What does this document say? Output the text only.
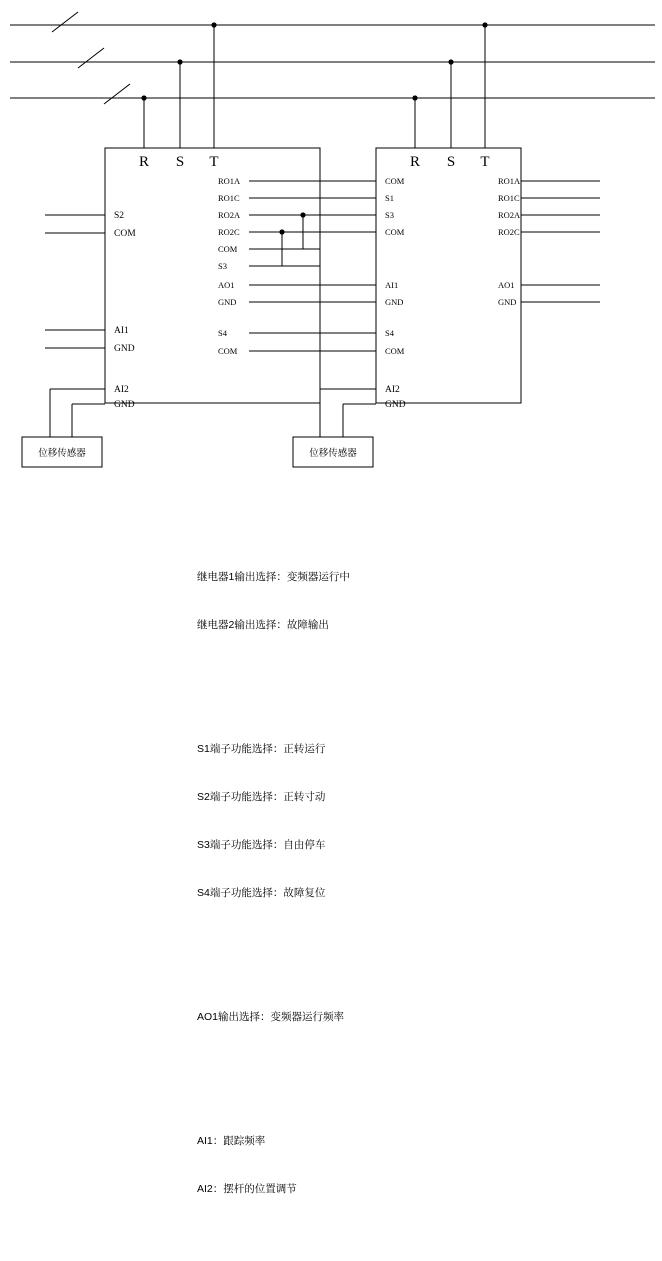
R S T
S2
COM
AI1
GND
AI2
GND
位移传感器
RO1A
RO1C
RO2A
RO2C
COM
S3
AO1
GND
S4
COM
R S T
COM
S1
S3
COM
AI1
GND
S4
COM
AI2
GND
位移传感器
RO1A
RO1C
RO2A
RO2C
AO1
GND

继电器1输出选择：变频器运行中

继电器2输出选择：故障输出

S1端子功能选择：正转运行

S2端子功能选择：正转寸动

S3端子功能选择：自由停车

S4端子功能选择：故障复位

AO1输出选择：变频器运行频率

AI1：跟踪频率

AI2：摆杆的位置调节
